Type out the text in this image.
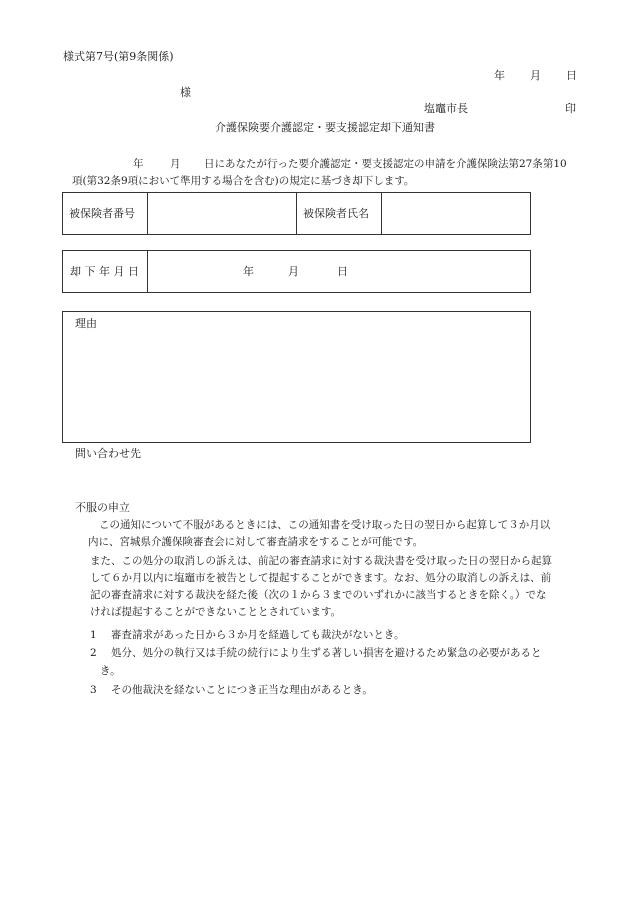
様式第7号(第9条関係)
年 月 日
様
塩竈市長	印
介護保険要介護認定・要支援認定却下通知書
年	月 日にあなたが行った要介護認定・要支援認定の申請を介護保険法第27条第10
項(第32条9項において準用する場合を含む)の規定に基づき却下します。
被保険者番号	被保険者氏名
却 下 年 月 日	年	月	日
理由
問い合わせ先
不服の申立
この通知について不服があるときには、この通知書を受け取った日の翌日から起算して３か月以
内に、宮城県介護保険審査会に対して審査請求をすることが可能です。
また、この処分の取消しの訴えは、前記の審査請求に対する裁決書を受け取った日の翌日から起算
して６か月以内に塩竈市を被告として提起することができます。なお、処分の取消しの訴えは、前
記の審査請求に対する裁決を経た後（次の１から３までのいずれかに該当するときを除く。）でな
ければ提起することができないこととされています。
1 審査請求があった日から３か月を経過しても裁決がないとき。
2 処分、処分の執行又は手続の続行により生ずる著しい損害を避けるため緊急の必要があると
き。
3 その他裁決を経ないことにつき正当な理由があるとき。
